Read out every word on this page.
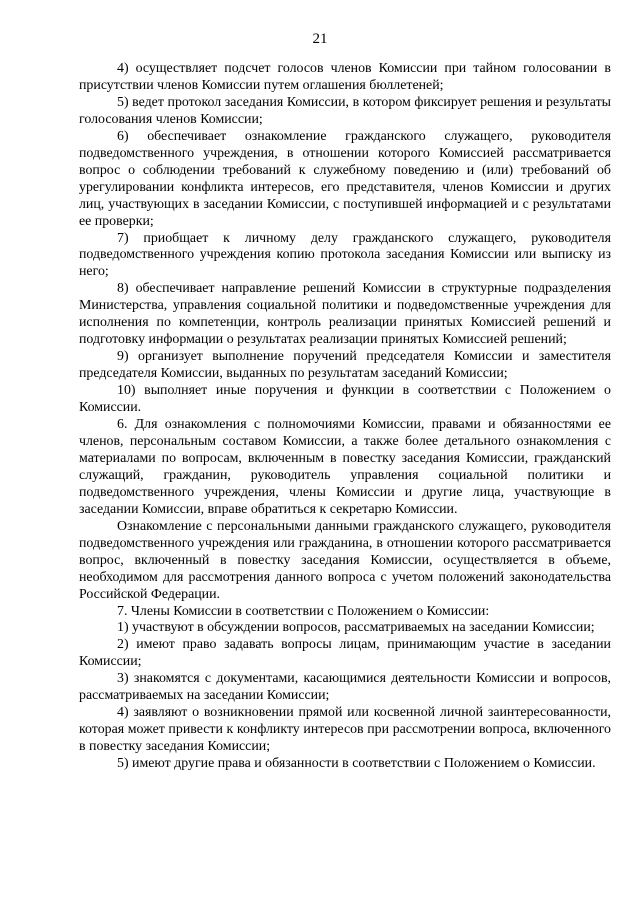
21

4) осуществляет подсчет голосов членов Комиссии при тайном голосовании в присутствии членов Комиссии путем оглашения бюллетеней;

5) ведет протокол заседания Комиссии, в котором фиксирует решения и результаты голосования членов Комиссии;

6) обеспечивает ознакомление гражданского служащего, руководителя подведомственного учреждения, в отношении которого Комиссией рассматривается вопрос о соблюдении требований к служебному поведению и (или) требований об урегулировании конфликта интересов, его представителя, членов Комиссии и других лиц, участвующих в заседании Комиссии, с поступившей информацией и с результатами ее проверки;

7) приобщает к личному делу гражданского служащего, руководителя подведомственного учреждения копию протокола заседания Комиссии или выписку из него;

8) обеспечивает направление решений Комиссии в структурные подразделения Министерства, управления социальной политики и подведомственные учреждения для исполнения по компетенции, контроль реализации принятых Комиссией решений и подготовку информации о результатах реализации принятых Комиссией решений;

9) организует выполнение поручений председателя Комиссии и заместителя председателя Комиссии, выданных по результатам заседаний Комиссии;

10) выполняет иные поручения и функции в соответствии с Положением о Комиссии.

6. Для ознакомления с полномочиями Комиссии, правами и обязанностями ее членов, персональным составом Комиссии, а также более детального ознакомления с материалами по вопросам, включенным в повестку заседания Комиссии, гражданский служащий, гражданин, руководитель управления социальной политики и подведомственного учреждения, члены Комиссии и другие лица, участвующие в заседании Комиссии, вправе обратиться к секретарю Комиссии.

Ознакомление с персональными данными гражданского служащего, руководителя подведомственного учреждения или гражданина, в отношении которого рассматривается вопрос, включенный в повестку заседания Комиссии, осуществляется в объеме, необходимом для рассмотрения данного вопроса с учетом положений законодательства Российской Федерации.

7. Члены Комиссии в соответствии с Положением о Комиссии:

1) участвуют в обсуждении вопросов, рассматриваемых на заседании Комиссии;

2) имеют право задавать вопросы лицам, принимающим участие в заседании Комиссии;

3) знакомятся с документами, касающимися деятельности Комиссии и вопросов, рассматриваемых на заседании Комиссии;

4) заявляют о возникновении прямой или косвенной личной заинтересованности, которая может привести к конфликту интересов при рассмотрении вопроса, включенного в повестку заседания Комиссии;

5) имеют другие права и обязанности в соответствии с Положением о Комиссии.
